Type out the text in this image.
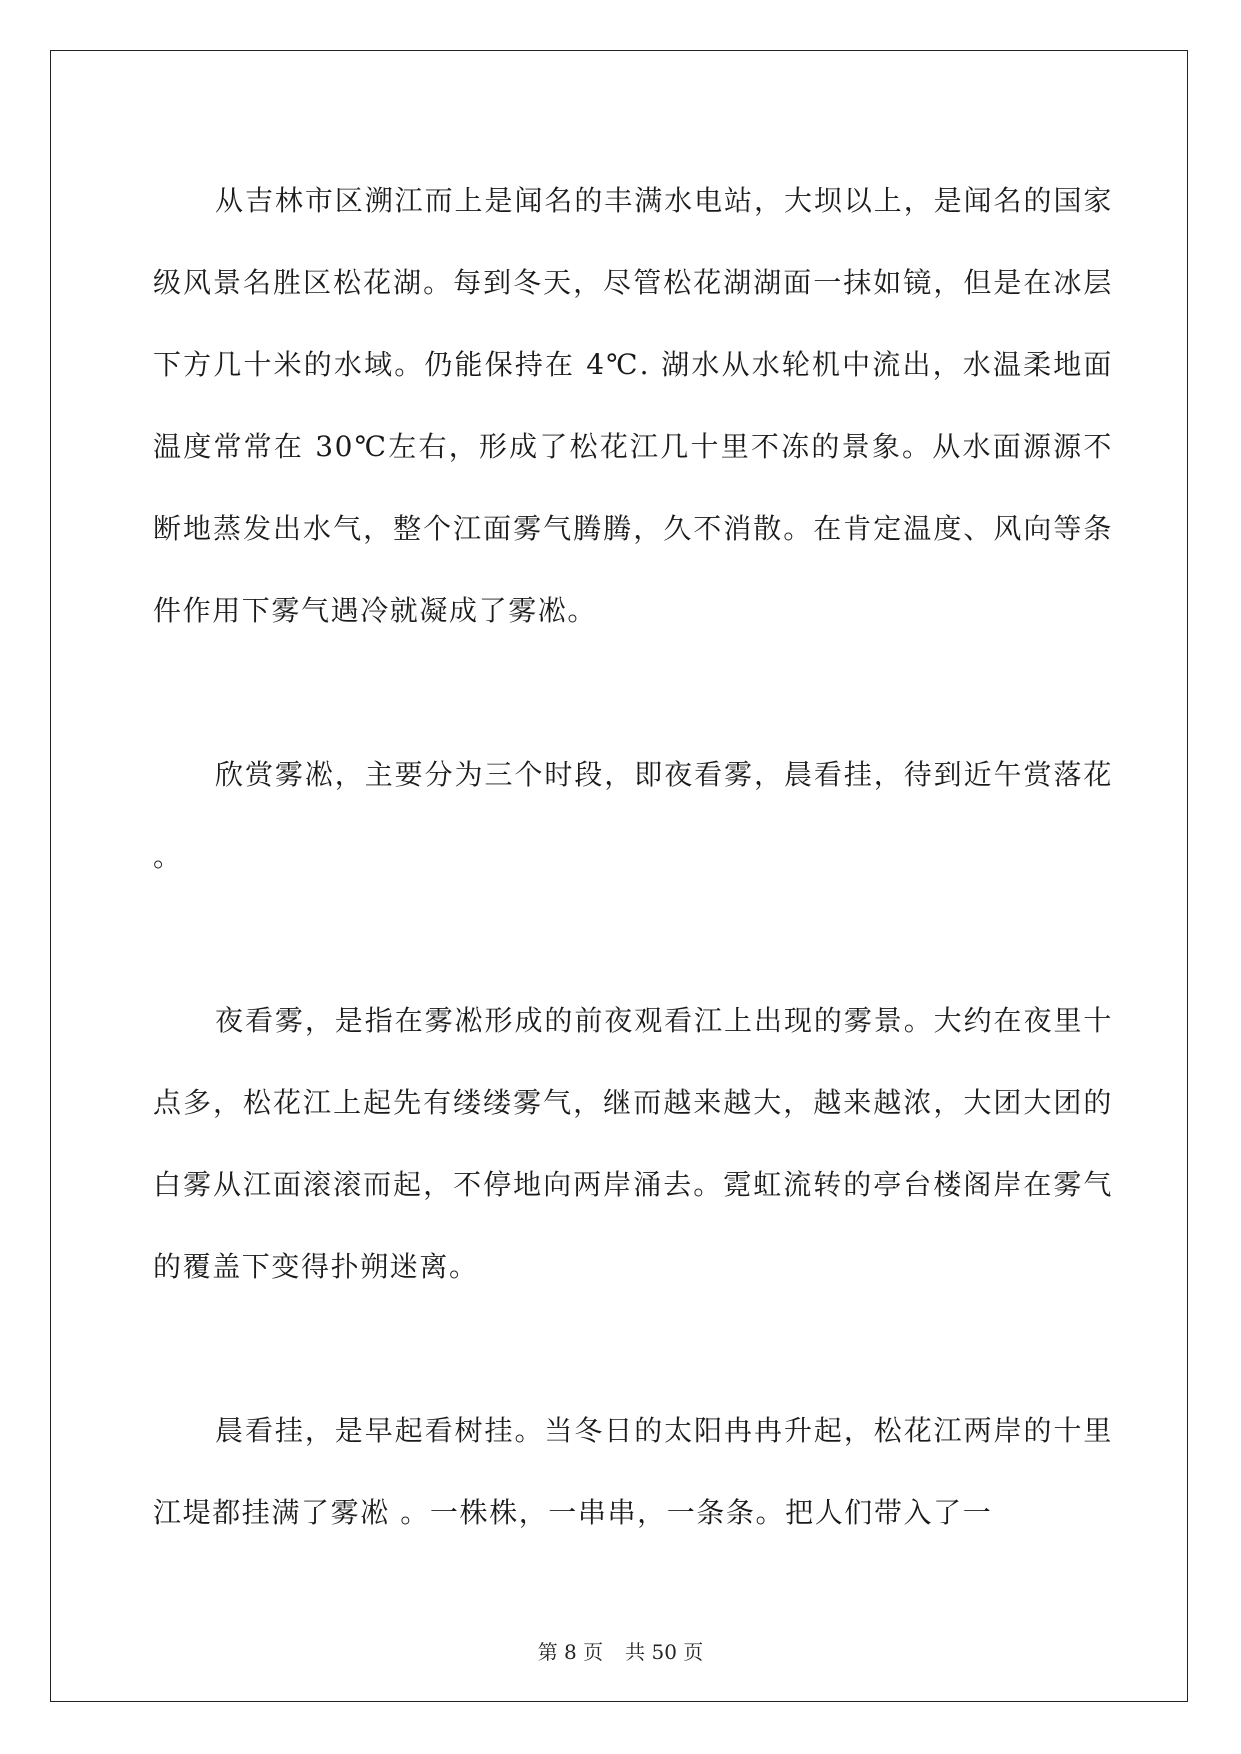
从吉林市区溯江而上是闻名的丰满水电站，大坝以上，是闻名的国家级风景名胜区松花湖。每到冬天，尽管松花湖湖面一抹如镜，但是在冰层下方几十米的水域。仍能保持在 4℃. 湖水从水轮机中流出，水温柔地面温度常常在 30℃左右，形成了松花江几十里不冻的景象。从水面源源不断地蒸发出水气，整个江面雾气腾腾，久不消散。在肯定温度、风向等条件作用下雾气遇冷就凝成了雾凇。

欣赏雾凇，主要分为三个时段，即夜看雾，晨看挂，待到近午赏落花 。

夜看雾，是指在雾凇形成的前夜观看江上出现的雾景。大约在夜里十点多，松花江上起先有缕缕雾气，继而越来越大，越来越浓，大团大团的白雾从江面滚滚而起，不停地向两岸涌去。霓虹流转的亭台楼阁岸在雾气的覆盖下变得扑朔迷离。

晨看挂，是早起看树挂。当冬日的太阳冉冉升起，松花江两岸的十里江堤都挂满了雾凇 。一株株，一串串，一条条。把人们带入了一

第 8 页 共 50 页
